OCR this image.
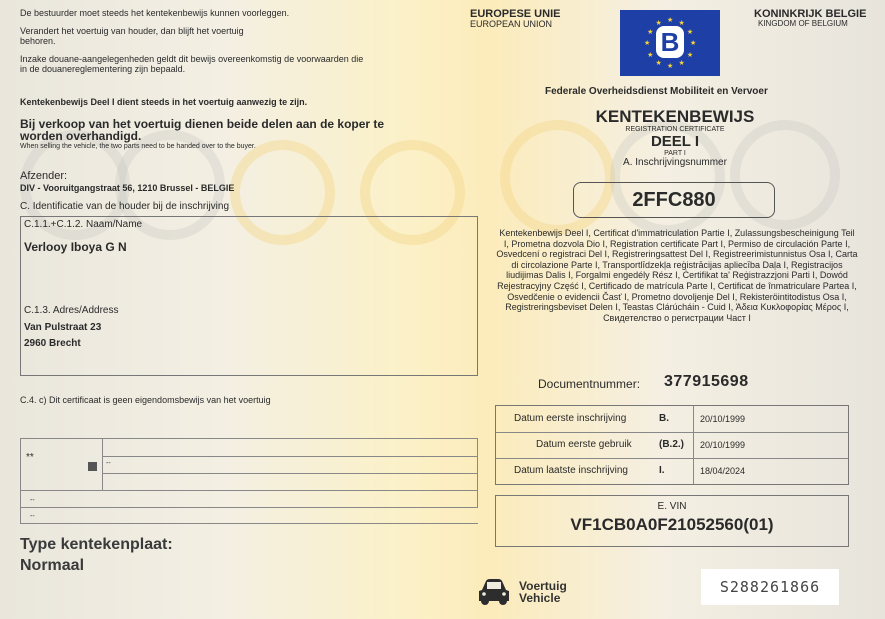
De bestuurder moet steeds het kentekenbewijs kunnen voorleggen.
Verandert het voertuig van houder, dan blijft het voertuig
behoren.
Inzake douane-aangelegenheden geldt dit bewijs overeenkomstig de voorwaarden die
in de douanereglementering zijn bepaald.
Kentekenbewijs Deel I dient steeds in het voertuig aanwezig te zijn.
Bij verkoop van het voertuig dienen beide delen aan de koper te
worden overhandigd.
When selling the vehicle, the two parts need to be handed over to the buyer.
Afzender:
DIV - Vooruitgangstraat 56, 1210 Brussel - BELGIE
C. Identificatie van de houder bij de inschrijving
C.1.1.+C.1.2. Naam/Name
Verlooy Iboya G N
C.1.3. Adres/Address
Van Pulstraat 23
2960 Brecht
C.4. c) Dit certificaat is geen eigendomsbewijs van het voertuig
**
--
--
--
Type kentekenplaat:
Normaal
EUROPESE UNIE
EUROPEAN UNION
B
★ ★
★
★
★
★
★
★
★
★
★
★
KONINKRIJK BELGIE
KINGDOM OF BELGIUM
Federale Overheidsdienst Mobiliteit en Vervoer
KENTEKENBEWIJS
REGISTRATION CERTIFICATE
DEEL I
PART I
A. Inschrijvingsnummer
2FFC880
Kentekenbewijs Deel I, Certificat d'immatriculation Partie I, Zulassungsbescheinigung Teil I, Prometna dozvola Dio I, Registration certificate Part I, Permiso de circulación Parte I, Osvedcení o registraci Del I, Registreringsattest Del I, Registreerimistunnistus Osa I, Carta di circolazione Parte I, Transportlīdzekļa reģistrācijas apliecība Daļa I, Registracijos liudijimas Dalis I, Forgalmi engedély Rész I, Ċertifikat ta' Reġistrazzjoni Parti I, Dowód Rejestracyjny Część I, Certificado de matrícula Parte I, Certificat de înmatriculare Partea I, Osvedčenie o evidencii Časť I, Prometno dovoljenje Del I, Rekisteröintitodistus Osa I, Registreringsbeviset Delen I, Teastas Clárúcháin - Cuid I, Άδεια Κυκλοφορίας Μέρος I, Свидетелство о регистрации Част I
Documentnummer: 377915698
Datum eerste inschrijving	B.	20/10/1999
Datum eerste gebruik	(B.2.) 20/10/1999
Datum laatste inschrijving	I.	18/04/2024
E. VIN
VF1CB0A0F21052560(01)
Voertuig
Vehicle
S288261866
